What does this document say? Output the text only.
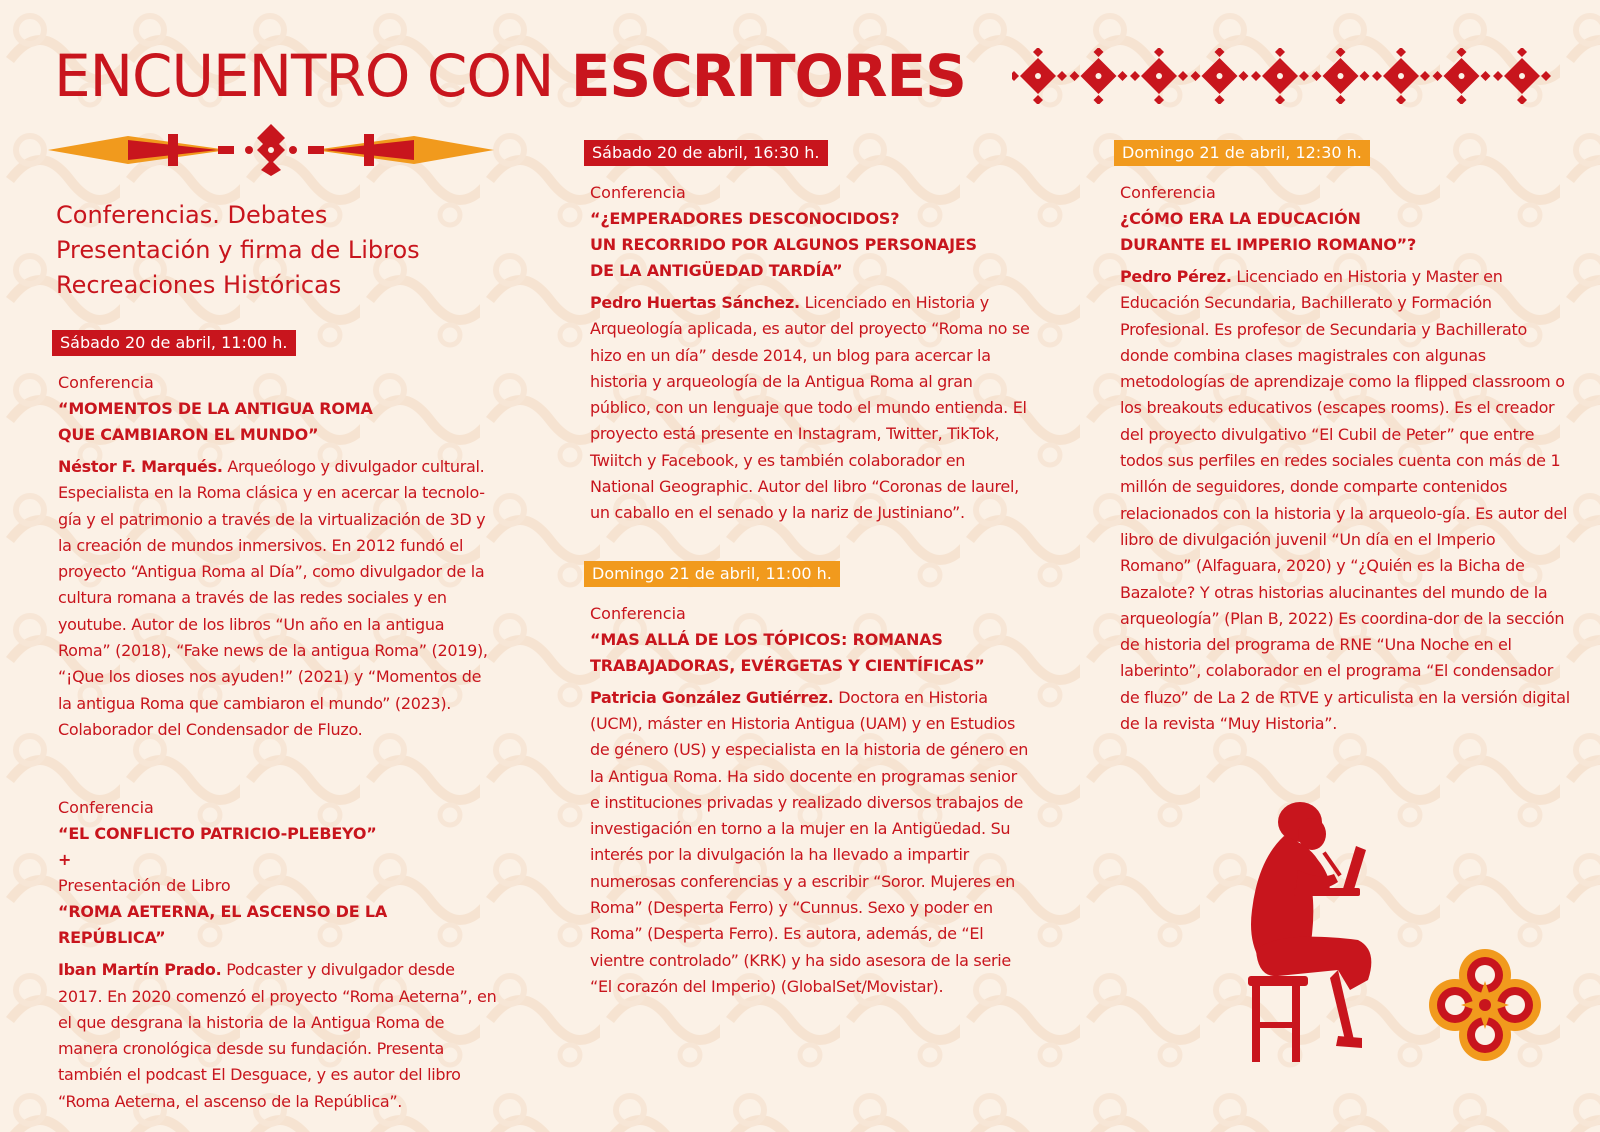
ENCUENTRO CON ESCRITORES
Conferencias. Debates
Presentación y firma de Libros
Recreaciones Históricas
Sábado 20 de abril, 11:00 h.
Conferencia
“MOMENTOS DE LA ANTIGUA ROMA
QUE CAMBIARON EL MUNDO”
Néstor F. Marqués. Arqueólogo y divulgador cultural. Especialista en la Roma clásica y en acercar la tecnolo-gía y el patrimonio a través de la virtualización de 3D y la creación de mundos inmersivos. En 2012 fundó el proyecto “Antigua Roma al Día”, como divulgador de la cultura romana a través de las redes sociales y en youtube. Autor de los libros “Un año en la antigua Roma” (2018), “Fake news de la antigua Roma” (2019), “¡Que los dioses nos ayuden!” (2021) y “Momentos de la antigua Roma que cambiaron el mundo” (2023). Colaborador del Condensador de Fluzo.
Conferencia
“EL CONFLICTO PATRICIO-PLEBEYO”
+
Presentación de Libro
“ROMA AETERNA, EL ASCENSO DE LA REPÚBLICA”
Iban Martín Prado. Podcaster y divulgador desde 2017. En 2020 comenzó el proyecto “Roma Aeterna”, en el que desgrana la historia de la Antigua Roma de manera cronológica desde su fundación. Presenta también el podcast El Desguace, y es autor del libro “Roma Aeterna, el ascenso de la República”.
Sábado 20 de abril, 16:30 h.
Conferencia
“¿EMPERADORES DESCONOCIDOS?
UN RECORRIDO POR ALGUNOS PERSONAJES
DE LA ANTIGÜEDAD TARDÍA”
Pedro Huertas Sánchez. Licenciado en Historia y Arqueología aplicada, es autor del proyecto “Roma no se hizo en un día” desde 2014, un blog para acercar la historia y arqueología de la Antigua Roma al gran público, con un lenguaje que todo el mundo entienda. El proyecto está presente en Instagram, Twitter, TikTok, Twiitch y Facebook, y es también colaborador en National Geographic. Autor del libro “Coronas de laurel, un caballo en el senado y la nariz de Justiniano”.
Domingo 21 de abril, 11:00 h.
Conferencia
“MAS ALLÁ DE LOS TÓPICOS: ROMANAS
TRABAJADORAS, EVÉRGETAS Y CIENTÍFICAS”
Patricia González Gutiérrez. Doctora en Historia (UCM), máster en Historia Antigua (UAM) y en Estudios de género (US) y especialista en la historia de género en la Antigua Roma. Ha sido docente en programas senior e instituciones privadas y realizado diversos trabajos de investigación en torno a la mujer en la Antigüedad. Su interés por la divulgación la ha llevado a impartir numerosas conferencias y a escribir “Soror. Mujeres en Roma” (Desperta Ferro) y “Cunnus. Sexo y poder en Roma” (Desperta Ferro). Es autora, además, de “El vientre controlado” (KRK) y ha sido asesora de la serie “El corazón del Imperio) (GlobalSet/Movistar).
Domingo 21 de abril, 12:30 h.
Conferencia
¿CÓMO ERA LA EDUCACIÓN
DURANTE EL IMPERIO ROMANO”?
Pedro Pérez. Licenciado en Historia y Master en Educación Secundaria, Bachillerato y Formación Profesional. Es profesor de Secundaria y Bachillerato donde combina clases magistrales con algunas metodologías de aprendizaje como la flipped classroom o los breakouts educativos (escapes rooms). Es el creador del proyecto divulgativo “El Cubil de Peter” que entre todos sus perfiles en redes sociales cuenta con más de 1 millón de seguidores, donde comparte contenidos relacionados con la historia y la arqueolo-gía. Es autor del libro de divulgación juvenil “Un día en el Imperio Romano” (Alfaguara, 2020) y “¿Quién es la Bicha de Bazalote? Y otras historias alucinantes del mundo de la arqueología” (Plan B, 2022) Es coordina-dor de la sección de historia del programa de RNE “Una Noche en el laberinto”, colaborador en el programa “El condensador de fluzo” de La 2 de RTVE y articulista en la versión digital de la revista “Muy Historia”.
